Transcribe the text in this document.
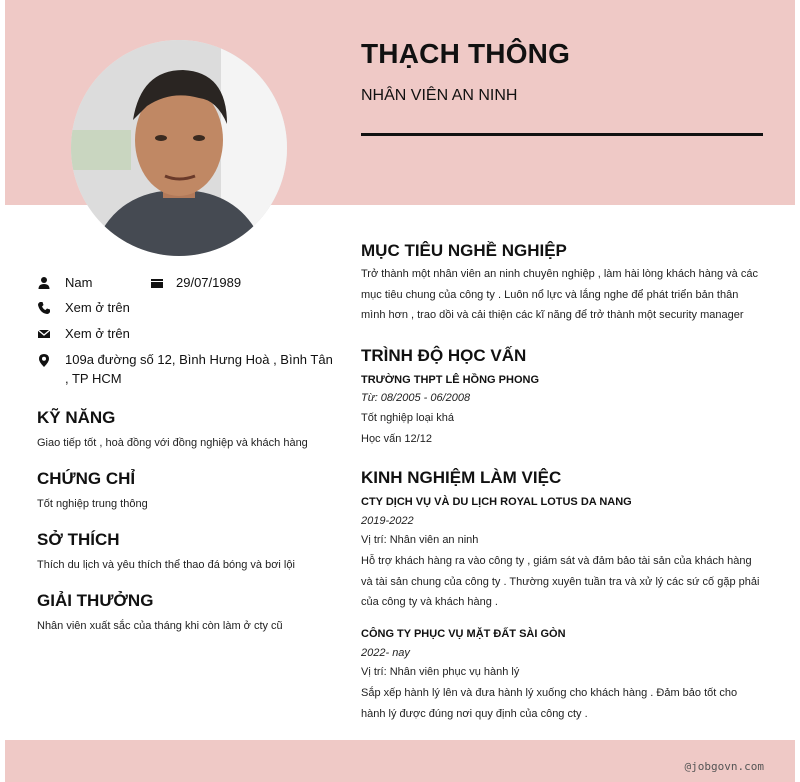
THẠCH THÔNG
NHÂN VIÊN AN NINH
Nam	29/07/1989
Xem ở trên
Xem ở trên
109a đường số 12, Bình Hưng Hoà , Bình Tân
, TP HCM
KỸ NĂNG
Giao tiếp tốt , hoà đồng với đồng nghiệp và khách hàng
CHỨNG CHỈ
Tốt nghiệp trung thông
SỞ THÍCH
Thích du lịch và yêu thích thể thao đá bóng và bơi lội
GIẢI THƯỞNG
Nhân viên xuất sắc của tháng khi còn làm ở cty cũ
MỤC TIÊU NGHỀ NGHIỆP
Trở thành một nhân viên an ninh chuyên nghiệp , làm hài lòng khách hàng và các
mục tiêu chung của công ty . Luôn nổ lực và lắng nghe để phát triển bản thân
mình hơn , trao dồi và cải thiện các kĩ năng để trở thành một security manager
TRÌNH ĐỘ HỌC VẤN
TRƯỜNG THPT LÊ HỒNG PHONG
Từ: 08/2005 - 06/2008
Tốt nghiệp loại khá
Học vấn 12/12
KINH NGHIỆM LÀM VIỆC
CTY DỊCH VỤ VÀ DU LỊCH ROYAL LOTUS DA NANG
2019-2022
Vị trí: Nhân viên an ninh
Hỗ trợ khách hàng ra vào công ty , giám sát và đảm bảo tài sản của khách hàng
và tài sản chung của công ty . Thường xuyên tuần tra và xử lý các sứ cố gặp phải
của công ty và khách hàng .
CÔNG TY PHỤC VỤ MẶT ĐẤT SÀI GÒN
2022- nay
Vị trí: Nhân viên phục vụ hành lý
Sắp xếp hành lý lên và đưa hành lý xuống cho khách hàng . Đảm bảo tốt cho
hành lý được đúng nơi quy định của công cty .
@jobgovn.com
